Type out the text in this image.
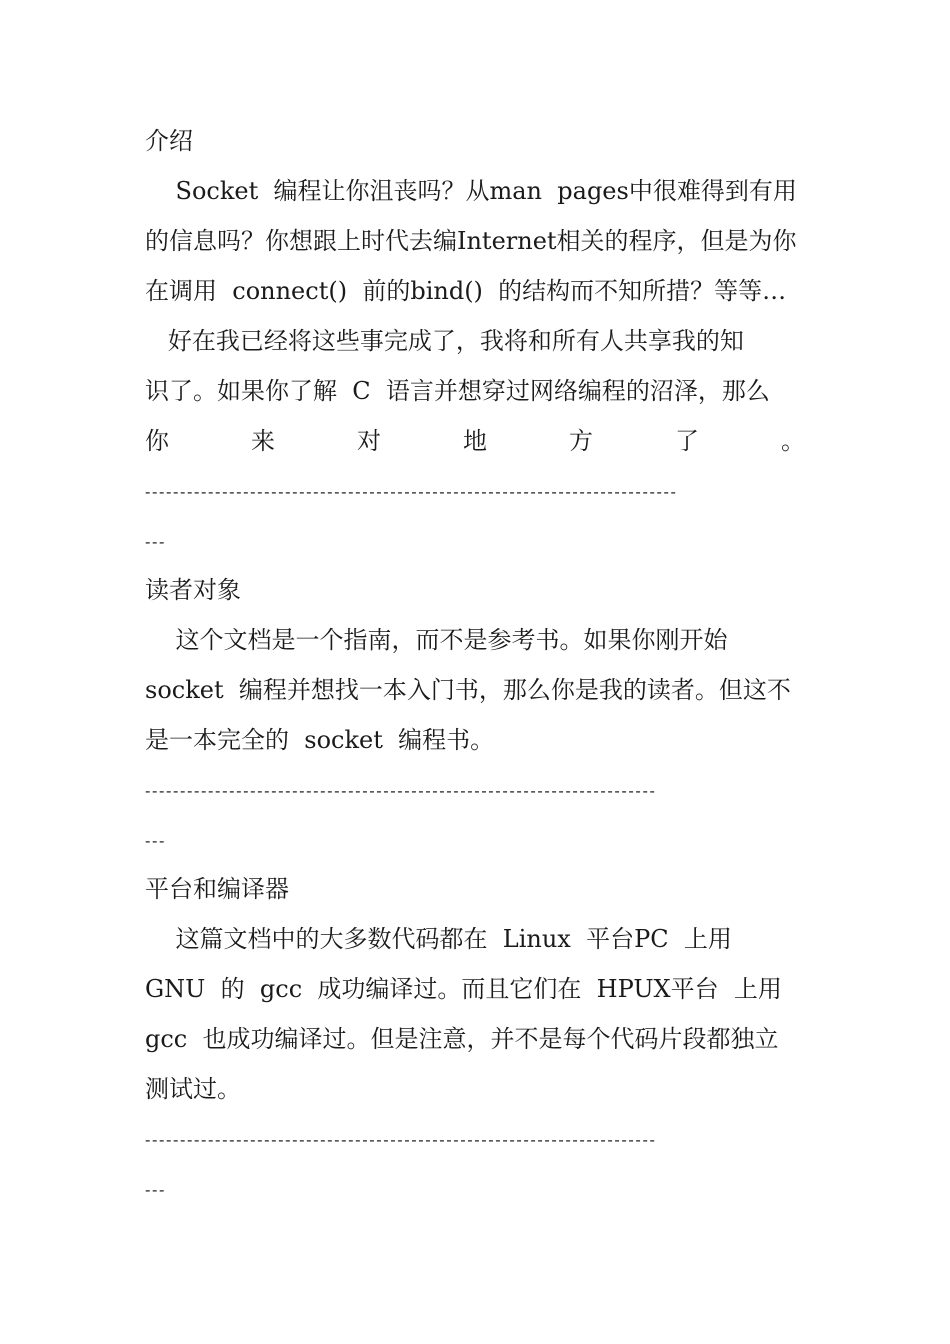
介绍
Socket  编程让你沮丧吗？从man  pages中很难得到有用
的信息吗？你想跟上时代去编Internet相关的程序，但是为你
在调用  connect()  前的bind()  的结构而不知所措？等等…
好在我已经将这些事完成了，我将和所有人共享我的知
识了。如果你了解  C  语言并想穿过网络编程的沼泽，那么
你	来	对	地	方	了	。
----------------------------------------------------------------------------
---
读者对象
这个文档是一个指南，而不是参考书。如果你刚开始
socket  编程并想找一本入门书，那么你是我的读者。但这不
是一本完全的  socket  编程书。
-------------------------------------------------------------------------
---
平台和编译器
这篇文档中的大多数代码都在  Linux  平台PC  上用
GNU  的  gcc  成功编译过。而且它们在  HPUX平台  上用
gcc  也成功编译过。但是注意，并不是每个代码片段都独立
测试过。
-------------------------------------------------------------------------
---
